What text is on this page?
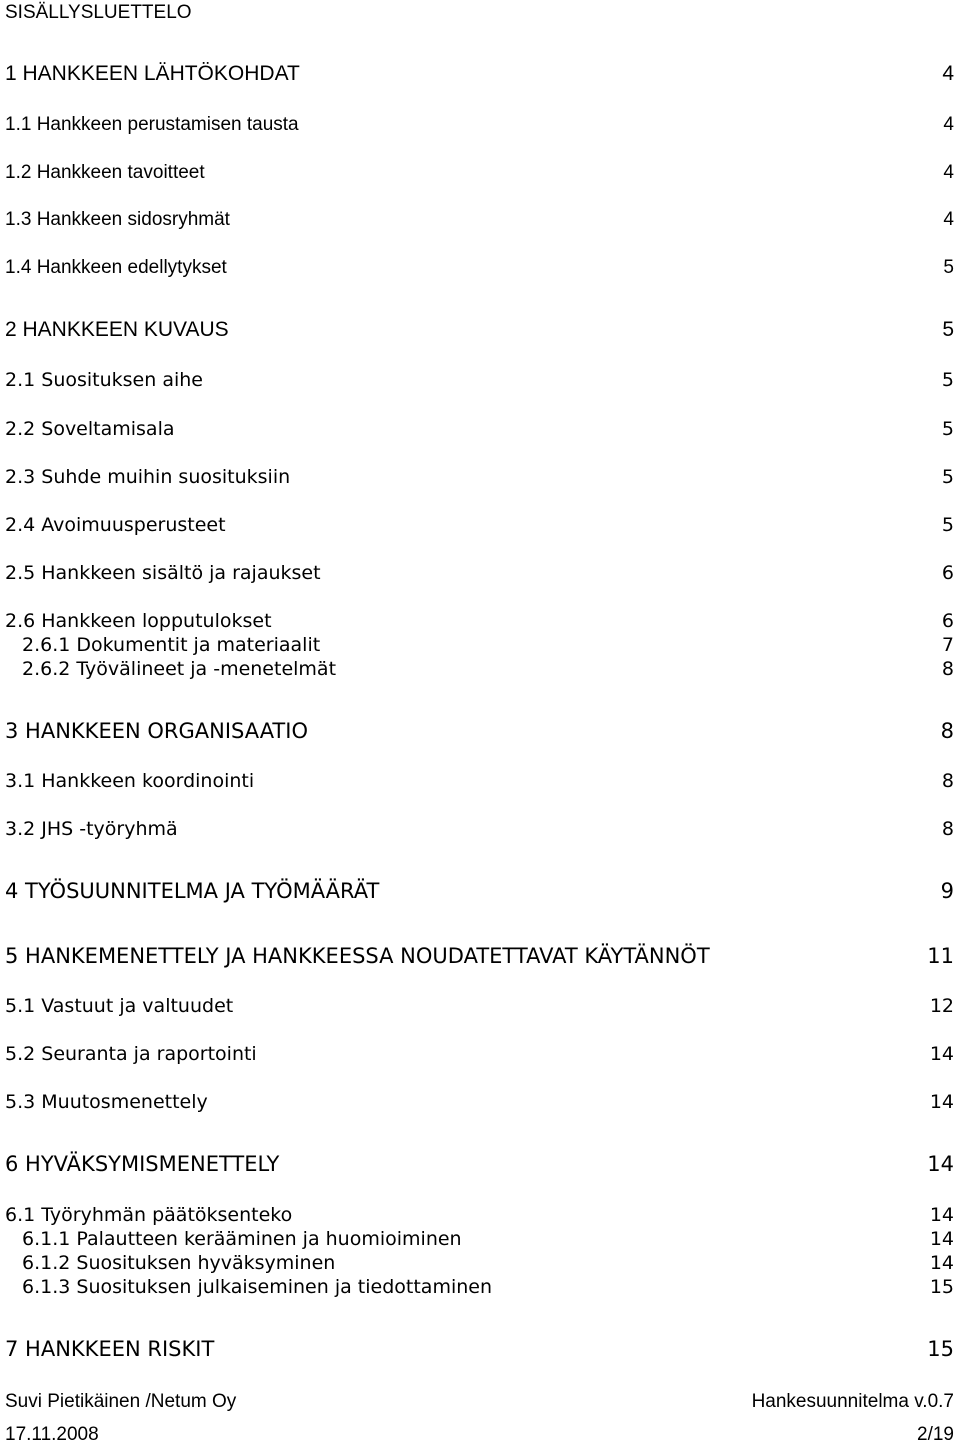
SISÄLLYSLUETTELO
1 HANKKEEN LÄHTÖKOHDAT	4
1.1 Hankkeen perustamisen tausta	4
1.2 Hankkeen tavoitteet	4
1.3 Hankkeen sidosryhmät	4
1.4 Hankkeen edellytykset	5
2 HANKKEEN KUVAUS	5
2.1 Suosituksen aihe	5
2.2 Soveltamisala	5
2.3 Suhde muihin suosituksiin	5
2.4 Avoimuusperusteet	5
2.5 Hankkeen sisältö ja rajaukset	6
2.6 Hankkeen lopputulokset	6
2.6.1 Dokumentit ja materiaalit	7
2.6.2 Työvälineet ja -menetelmät	8
3 HANKKEEN ORGANISAATIO	8
3.1 Hankkeen koordinointi	8
3.2 JHS -työryhmä	8
4 TYÖSUUNNITELMA JA TYÖMÄÄRÄT	9
5 HANKEMENETTELY JA HANKKEESSA NOUDATETTAVAT KÄYTÄNNÖT	11
5.1 Vastuut ja valtuudet	12
5.2 Seuranta ja raportointi	14
5.3 Muutosmenettely	14
6 HYVÄKSYMISMENETTELY	14
6.1 Työryhmän päätöksenteko	14
6.1.1 Palautteen kerääminen ja huomioiminen	14
6.1.2 Suosituksen hyväksyminen	14
6.1.3 Suosituksen julkaiseminen ja tiedottaminen	15
7 HANKKEEN RISKIT	15
Suvi Pietikäinen /Netum Oy	Hankesuunnitelma v.0.7
17.11.2008	2/19
